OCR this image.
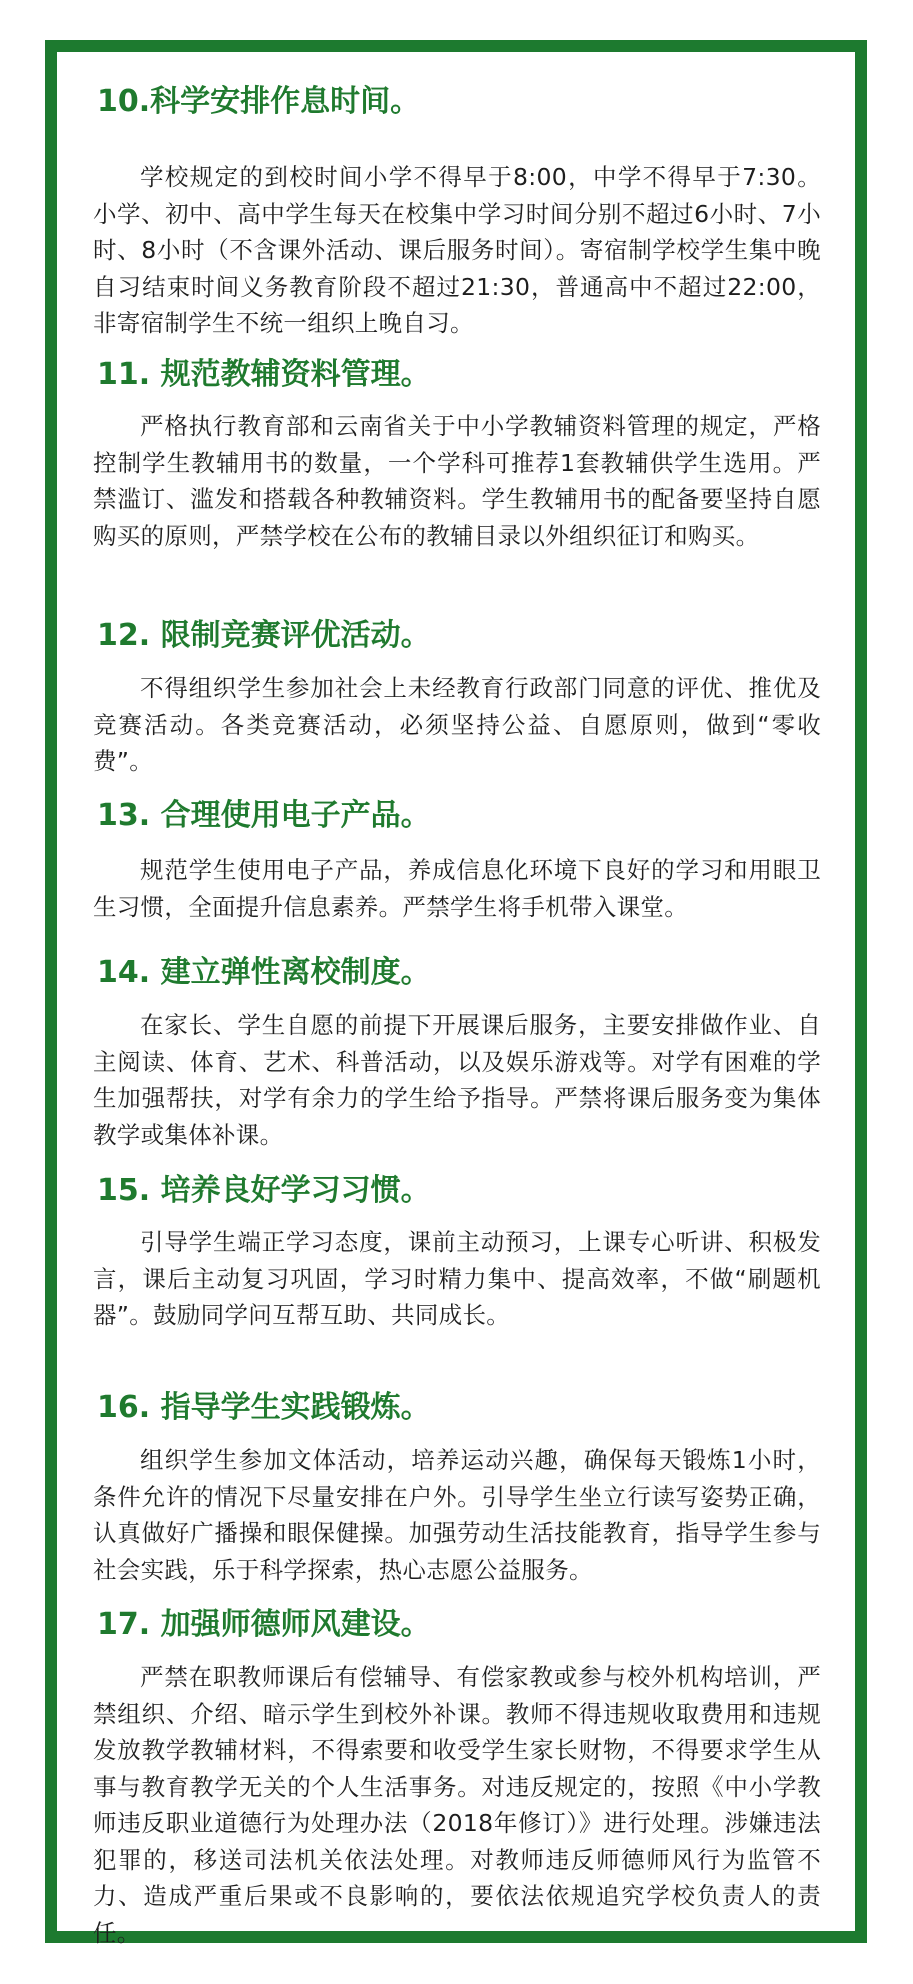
10.科学安排作息时间。

学校规定的到校时间小学不得早于8:00，中学不得早于7:30。 小学、初中、高中学生每天在校集中学习时间分别不超过6小时、7小时、8小时（不含课外活动、课后服务时间）。寄宿制学校学生集中晚自习结束时间义务教育阶段不超过21:30，普通高中不超过22:00，非寄宿制学生不统一组织上晚自习。

11. 规范教辅资料管理。

严格执行教育部和云南省关于中小学教辅资料管理的规定，严格控制学生教辅用书的数量，一个学科可推荐1套教辅供学生选用。严禁滥订、滥发和搭载各种教辅资料。学生教辅用书的配备要坚持自愿购买的原则，严禁学校在公布的教辅目录以外组织征订和购买。

12. 限制竞赛评优活动。

不得组织学生参加社会上未经教育行政部门同意的评优、推优及竞赛活动。各类竞赛活动，必须坚持公益、自愿原则，做到“零收费”。

13. 合理使用电子产品。

规范学生使用电子产品，养成信息化环境下良好的学习和用眼卫生习惯，全面提升信息素养。严禁学生将手机带入课堂。

14. 建立弹性离校制度。

在家长、学生自愿的前提下开展课后服务，主要安排做作业、自主阅读、体育、艺术、科普活动，以及娱乐游戏等。对学有困难的学生加强帮扶，对学有余力的学生给予指导。严禁将课后服务变为集体教学或集体补课。

15. 培养良好学习习惯。

引导学生端正学习态度，课前主动预习，上课专心听讲、积极发言，课后主动复习巩固，学习时精力集中、提高效率，不做“刷题机器”。鼓励同学问互帮互助、共同成长。

16. 指导学生实践锻炼。

组织学生参加文体活动，培养运动兴趣，确保每天锻炼1小时，条件允许的情况下尽量安排在户外。引导学生坐立行读写姿势正确，认真做好广播操和眼保健操。加强劳动生活技能教育，指导学生参与社会实践，乐于科学探索，热心志愿公益服务。

17. 加强师德师风建设。

严禁在职教师课后有偿辅导、有偿家教或参与校外机构培训，严禁组织、介绍、暗示学生到校外补课。教师不得违规收取费用和违规发放教学教辅材料，不得索要和收受学生家长财物，不得要求学生从事与教育教学无关的个人生活事务。对违反规定的，按照《中小学教师违反职业道德行为处理办法（2018年修订）》进行处理。涉嫌违法犯罪的，移送司法机关依法处理。对教师违反师德师风行为监管不力、造成严重后果或不良影响的，要依法依规追究学校负责人的责任。
